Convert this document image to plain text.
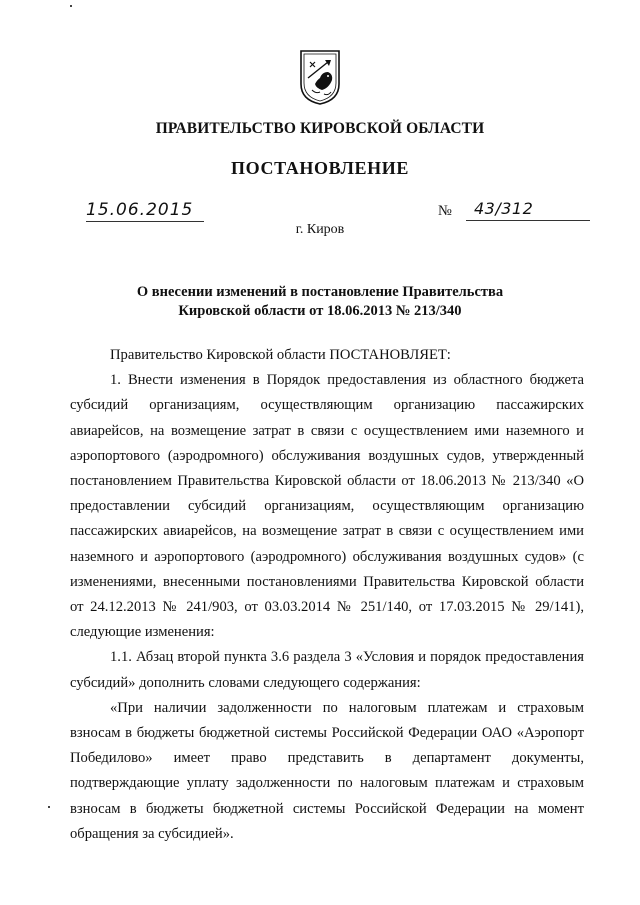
ПРАВИТЕЛЬСТВО КИРОВСКОЙ ОБЛАСТИ
ПОСТАНОВЛЕНИЕ
15.06.2015	№	43/312
г. Киров
О внесении изменений в постановление Правительства
Кировской области от 18.06.2013 № 213/340

Правительство Кировской области ПОСТАНОВЛЯЕТ:

1. Внести изменения в Порядок предоставления из областного бюджета субсидий организациям, осуществляющим организацию пассажирских авиарейсов, на возмещение затрат в связи с осуществлением ими наземного и аэропортового (аэродромного) обслуживания воздушных судов, утвержденный постановлением Правительства Кировской области от 18.06.2013 № 213/340 «О предоставлении субсидий организациям, осуществляющим организацию пассажирских авиарейсов, на возмещение затрат в связи с осуществлением ими наземного и аэропортового (аэродромного) обслуживания воздушных судов» (с изменениями, внесенными постановлениями Правительства Кировской области от 24.12.2013 № 241/903, от 03.03.2014 № 251/140, от 17.03.2015 № 29/141), следующие изменения:

1.1. Абзац второй пункта 3.6 раздела 3 «Условия и порядок предоставления субсидий» дополнить словами следующего содержания:

«При наличии задолженности по налоговым платежам и страховым взносам в бюджеты бюджетной системы Российской Федерации ОАО «Аэропорт Победилово» имеет право представить в департамент документы, подтверждающие уплату задолженности по налоговым платежам и страховым взносам в бюджеты бюджетной системы Российской Федерации на момент обращения за субсидией».
